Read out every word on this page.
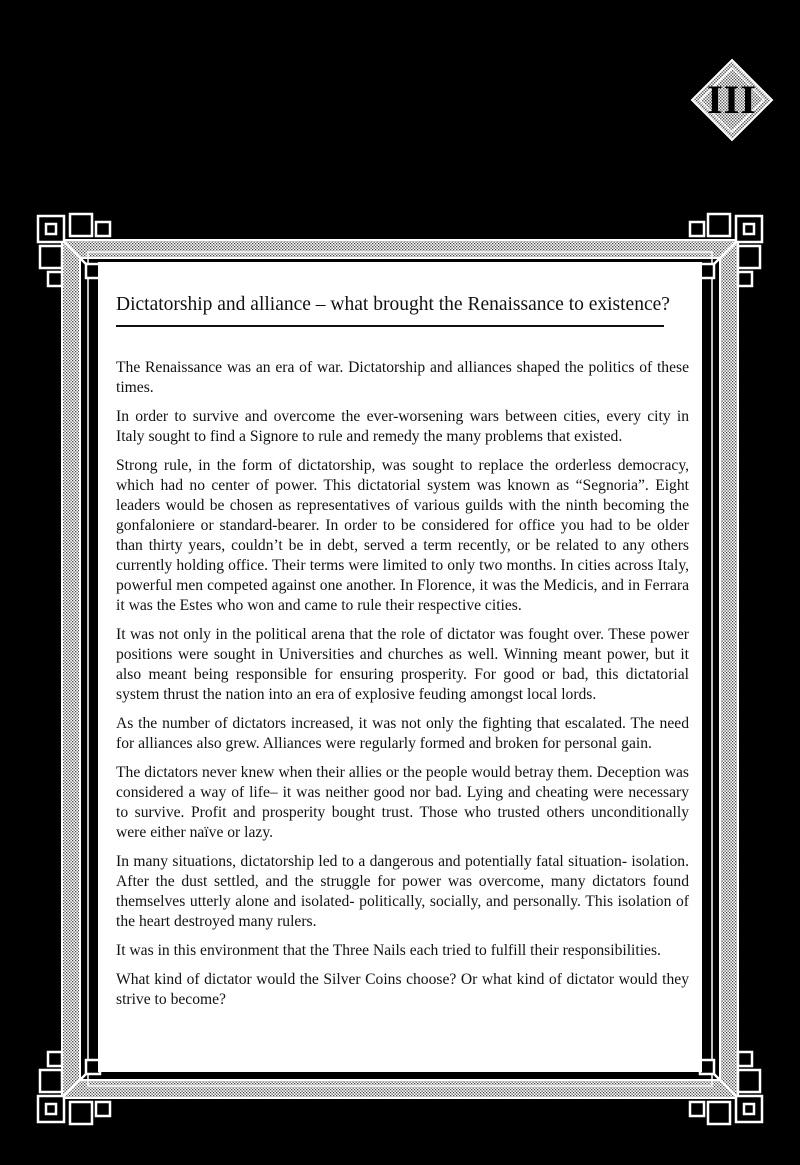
III
Dictatorship and alliance – what brought the Renaissance to existence?

The Renaissance was an era of war. Dictatorship and alliances shaped the politics of these times.

In order to survive and overcome the ever-worsening wars between cities, every city in Italy sought to find a Signore to rule and remedy the many problems that existed.

Strong rule, in the form of dictatorship, was sought to replace the orderless democracy, which had no center of power. This dictatorial system was known as “Segnoria”. Eight leaders would be chosen as representatives of various guilds with the ninth becoming the gonfaloniere or standard-bearer. In order to be considered for office you had to be older than thirty years, couldn’t be in debt, served a term recently, or be related to any others currently holding office. Their terms were limited to only two months. In cities across Italy, powerful men competed against one another. In Florence, it was the Medicis, and in Ferrara it was the Estes who won and came to rule their respective cities.

It was not only in the political arena that the role of dictator was fought over. These power positions were sought in Universities and churches as well. Winning meant power, but it also meant being responsible for ensuring prosperity. For good or bad, this dictatorial system thrust the nation into an era of explosive feuding amongst local lords.

As the number of dictators increased, it was not only the fighting that escalated. The need for alliances also grew. Alliances were regularly formed and broken for personal gain.

The dictators never knew when their allies or the people would betray them. Deception was considered a way of life– it was neither good nor bad. Lying and cheating were necessary to survive. Profit and prosperity bought trust. Those who trusted others unconditionally were either naïve or lazy.

In many situations, dictatorship led to a dangerous and potentially fatal situation- isolation. After the dust settled, and the struggle for power was overcome, many dictators found themselves utterly alone and isolated- politically, socially, and personally. This isolation of the heart destroyed many rulers.

It was in this environment that the Three Nails each tried to fulfill their responsibilities.

What kind of dictator would the Silver Coins choose? Or what kind of dictator would they strive to become?
